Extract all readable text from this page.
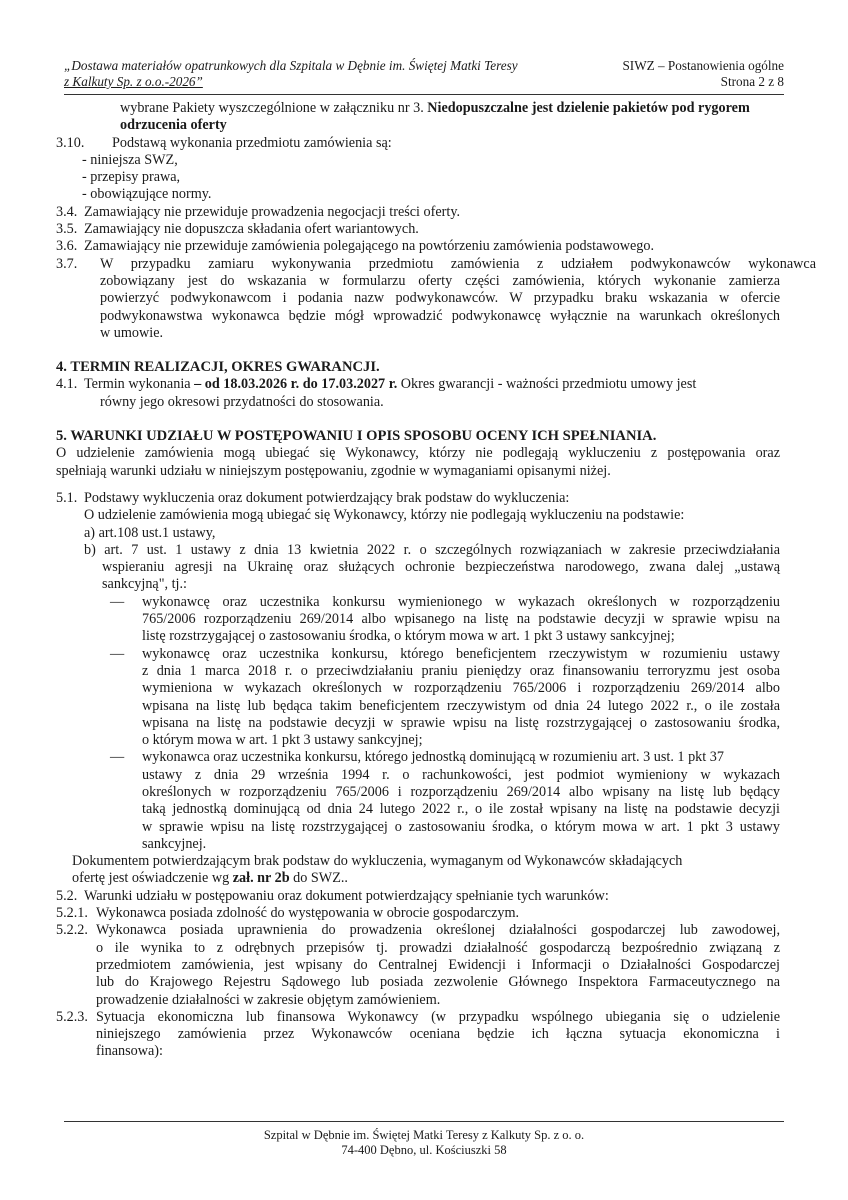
„Dostawa materiałów opatrunkowych dla Szpitala w Dębnie im. Świętej Matki Teresy
z Kalkuty Sp. z o.o.-2026”
SIWZ – Postanowienia ogólne
Strona 2 z 8
wybrane Pakiety wyszczególnione w załączniku nr 3. Niedopuszczalne jest dzielenie pakietów pod rygorem
odrzucenia oferty
3.10. Podstawą wykonania przedmiotu zamówienia są:
- niniejsza SWZ,
- przepisy prawa,
- obowiązujące normy.
3.4. Zamawiający nie przewiduje prowadzenia negocjacji treści oferty.
3.5. Zamawiający nie dopuszcza składania ofert wariantowych.
3.6. Zamawiający nie przewiduje zamówienia polegającego na powtórzeniu zamówienia podstawowego.
3.7.	W przypadku zamiaru wykonywania przedmiotu zamówienia z udziałem podwykonawców wykonawca
zobowiązany jest do wskazania w formularzu oferty części zamówienia, których wykonanie zamierza
powierzyć podwykonawcom i podania nazw podwykonawców. W przypadku braku wskazania w ofercie
podwykonawstwa wykonawca będzie mógł wprowadzić podwykonawcę wyłącznie na warunkach określonych
w umowie.
4. TERMIN REALIZACJI, OKRES GWARANCJI.
4.1. Termin wykonania – od 18.03.2026 r. do 17.03.2027 r. Okres gwarancji - ważności przedmiotu umowy jest
równy jego okresowi przydatności do stosowania.
5. WARUNKI UDZIAŁU W POSTĘPOWANIU I OPIS SPOSOBU OCENY ICH SPEŁNIANIA.
O udzielenie zamówienia mogą ubiegać się Wykonawcy, którzy nie podlegają wykluczeniu z postępowania oraz
spełniają warunki udziału w niniejszym postępowaniu, zgodnie w wymaganiami opisanymi niżej.
5.1. Podstawy wykluczenia oraz dokument potwierdzający brak podstaw do wykluczenia:
O udzielenie zamówienia mogą ubiegać się Wykonawcy, którzy nie podlegają wykluczeniu na podstawie:
a) art.108 ust.1 ustawy,
b) art. 7 ust. 1 ustawy z dnia 13 kwietnia 2022 r. o szczególnych rozwiązaniach w zakresie przeciwdziałania
wspieraniu agresji na Ukrainę oraz służących ochronie bezpieczeństwa narodowego, zwana dalej „ustawą
sankcyjną", tj.:
— wykonawcę oraz uczestnika konkursu wymienionego w wykazach określonych w rozporządzeniu
765/2006 rozporządzeniu 269/2014 albo wpisanego na listę na podstawie decyzji w sprawie wpisu na
listę rozstrzygającej o zastosowaniu środka, o którym mowa w art. 1 pkt 3 ustawy sankcyjnej;
— wykonawcę oraz uczestnika konkursu, którego beneficjentem rzeczywistym w rozumieniu ustawy
z dnia 1 marca 2018 r. o przeciwdziałaniu praniu pieniędzy oraz finansowaniu terroryzmu jest osoba
wymieniona w wykazach określonych w rozporządzeniu 765/2006 i rozporządzeniu 269/2014 albo
wpisana na listę lub będąca takim beneficjentem rzeczywistym od dnia 24 lutego 2022 r., o ile została
wpisana na listę na podstawie decyzji w sprawie wpisu na listę rozstrzygającej o zastosowaniu środka,
o którym mowa w art. 1 pkt 3 ustawy sankcyjnej;
— wykonawca oraz uczestnika konkursu, którego jednostką dominującą w rozumieniu art. 3 ust. 1 pkt 37
ustawy z dnia 29 września 1994 r. o rachunkowości, jest podmiot wymieniony w wykazach
określonych w rozporządzeniu 765/2006 i rozporządzeniu 269/2014 albo wpisany na listę lub będący
taką jednostką dominującą od dnia 24 lutego 2022 r., o ile został wpisany na listę na podstawie decyzji
w sprawie wpisu na listę rozstrzygającej o zastosowaniu środka, o którym mowa w art. 1 pkt 3 ustawy
sankcyjnej.
Dokumentem potwierdzającym brak podstaw do wykluczenia, wymaganym od Wykonawców składających
ofertę jest oświadczenie wg zał. nr 2b do SWZ..
5.2. Warunki udziału w postępowaniu oraz dokument potwierdzający spełnianie tych warunków:
5.2.1. Wykonawca posiada zdolność do występowania w obrocie gospodarczym.
5.2.2. Wykonawca posiada uprawnienia do prowadzenia określonej działalności gospodarczej lub zawodowej,
o ile wynika to z odrębnych przepisów tj. prowadzi działalność gospodarczą bezpośrednio związaną z
przedmiotem zamówienia, jest wpisany do Centralnej Ewidencji i Informacji o Działalności Gospodarczej
lub do Krajowego Rejestru Sądowego lub posiada zezwolenie Głównego Inspektora Farmaceutycznego na
prowadzenie działalności w zakresie objętym zamówieniem.
5.2.3. Sytuacja ekonomiczna lub finansowa Wykonawcy (w przypadku wspólnego ubiegania się o udzielenie
niniejszego zamówienia przez Wykonawców oceniana będzie ich łączna sytuacja ekonomiczna i
finansowa):
Szpital w Dębnie im. Świętej Matki Teresy z Kalkuty Sp. z o. o.
74-400 Dębno, ul. Kościuszki 58
